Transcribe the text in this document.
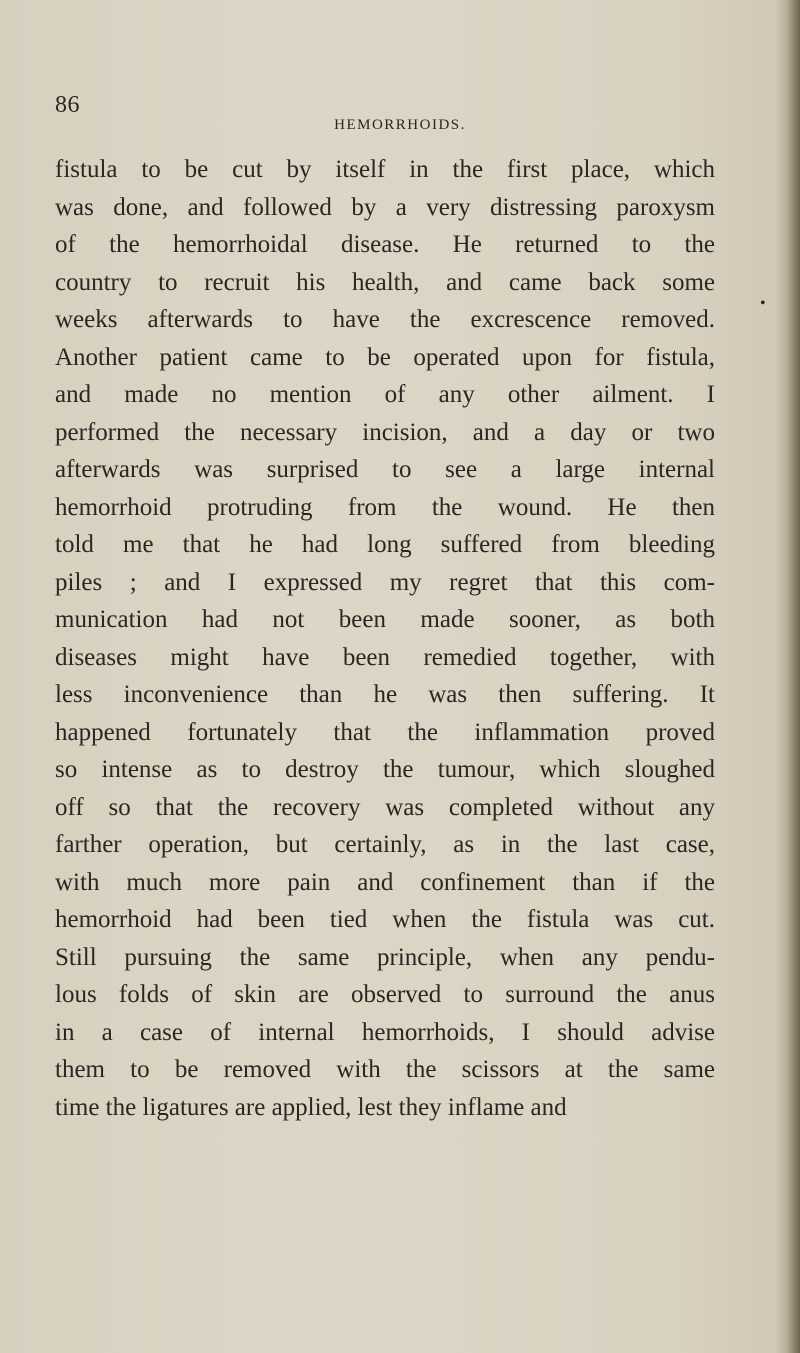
86
HEMORRHOIDS.
fistula to be cut by itself in the first place, which
was done, and followed by a very distressing paroxysm
of the hemorrhoidal disease. He returned to the
country to recruit his health, and came back some
weeks afterwards to have the excrescence removed.
Another patient came to be operated upon for fistula,
and made no mention of any other ailment. I
performed the necessary incision, and a day or two
afterwards was surprised to see a large internal
hemorrhoid protruding from the wound. He then
told me that he had long suffered from bleeding
piles ; and I expressed my regret that this com-
munication had not been made sooner, as both
diseases might have been remedied together, with
less inconvenience than he was then suffering. It
happened fortunately that the inflammation proved
so intense as to destroy the tumour, which sloughed
off so that the recovery was completed without any
farther operation, but certainly, as in the last case,
with much more pain and confinement than if the
hemorrhoid had been tied when the fistula was cut.
Still pursuing the same principle, when any pendu-
lous folds of skin are observed to surround the anus
in a case of internal hemorrhoids, I should advise
them to be removed with the scissors at the same
time the ligatures are applied, lest they inflame and
•
